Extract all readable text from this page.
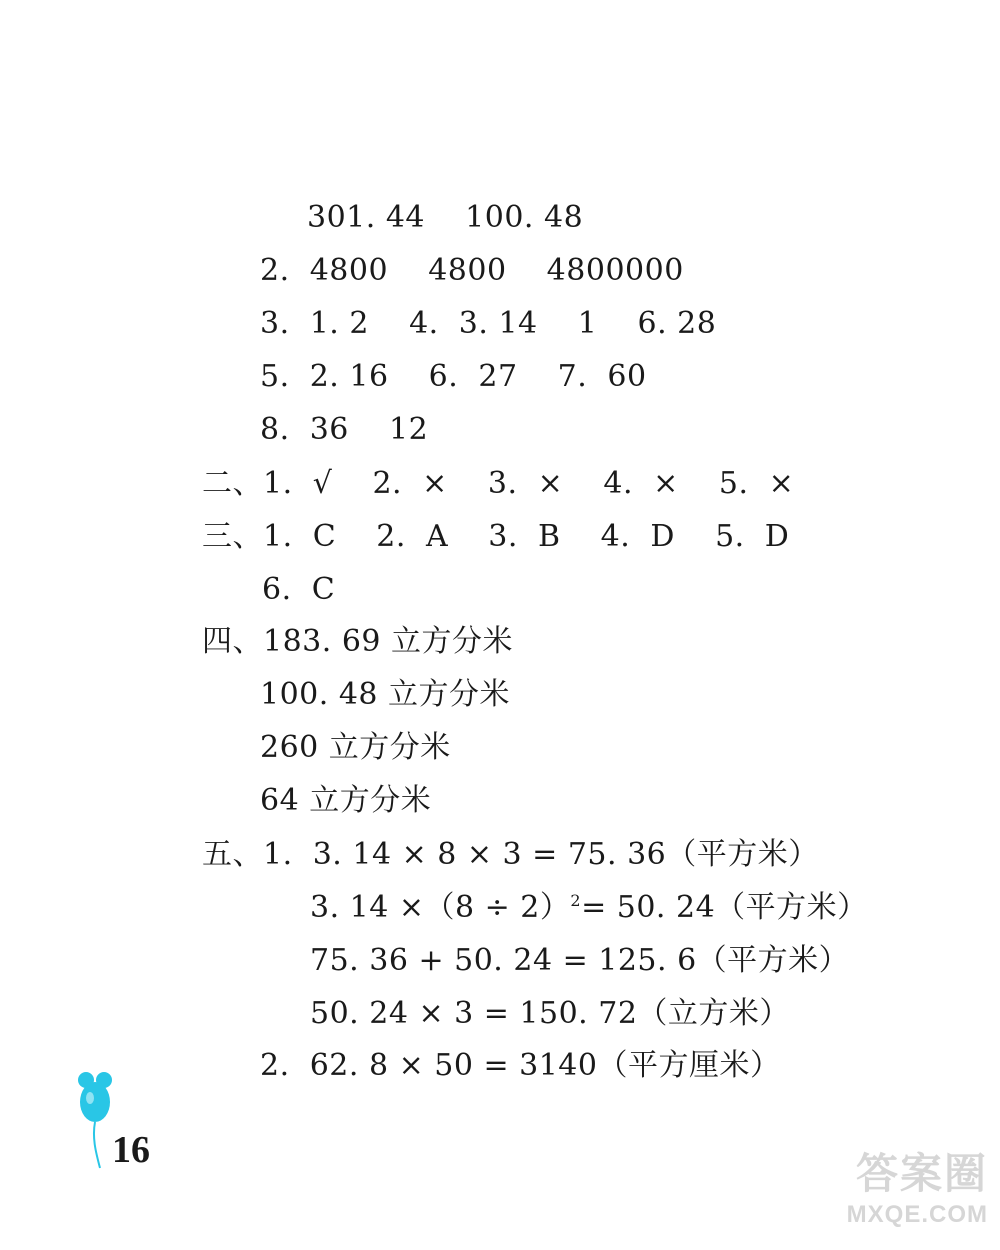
301. 44    100. 48
2.  4800    4800    4800000
3.  1. 2    4.  3. 14    1    6. 28
5.  2. 16    6.  27    7.  60
8.  36    12
二、1.  √    2.  ×    3.  ×    4.  ×    5.  ×
三、1.  C    2.  A    3.  B    4.  D    5.  D
6.  C
四、183. 69 立方分米
100. 48 立方分米
260 立方分米
64 立方分米
五、1.  3. 14 × 8 × 3 = 75. 36（平方米）
3. $14 \times(8 \div 2)^2= 50$. 24（平方米）
75. 36 + 50. 24 = 125. 6（平方米）
50. 24 × 3 = 150. 72（立方米）
2.  62. 8 × 50 = 3140（平方厘米）
16	答案圈
MXQE.COM
